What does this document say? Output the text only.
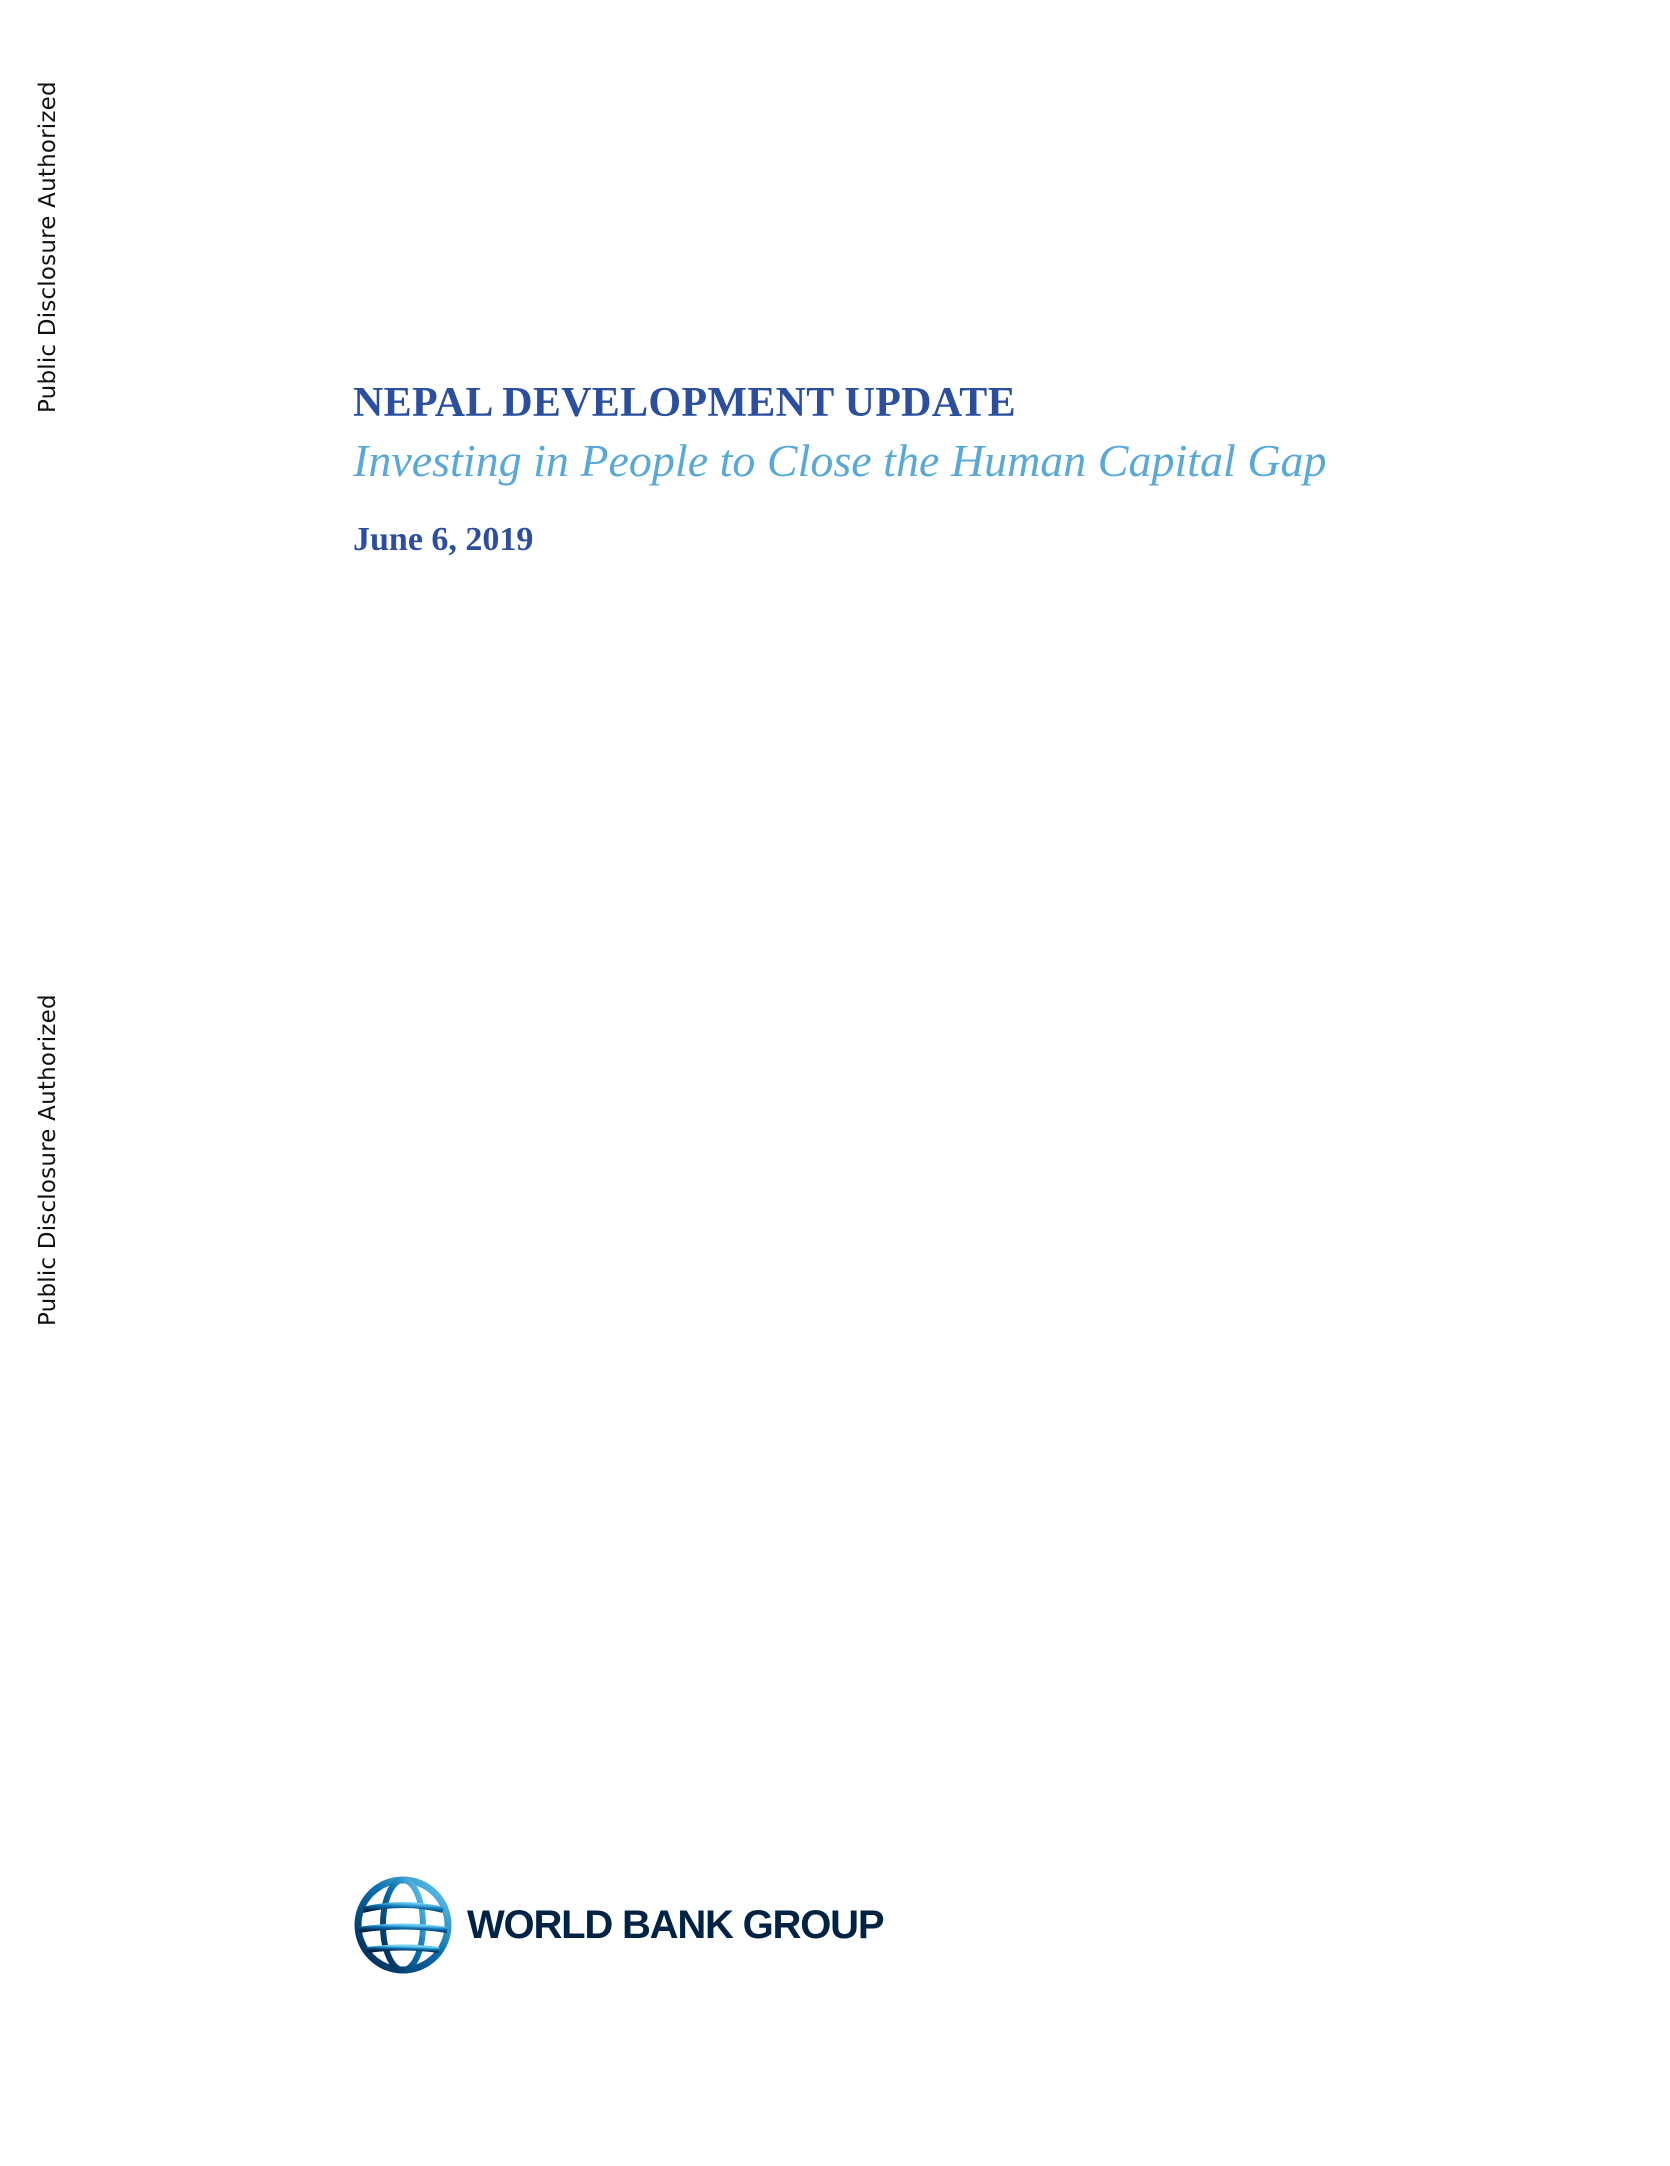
Public Disclosure Authorized
Public Disclosure Authorized
NEPAL DEVELOPMENT UPDATE
Investing in People to Close the Human Capital Gap
June 6, 2019
WORLD BANK GROUP
